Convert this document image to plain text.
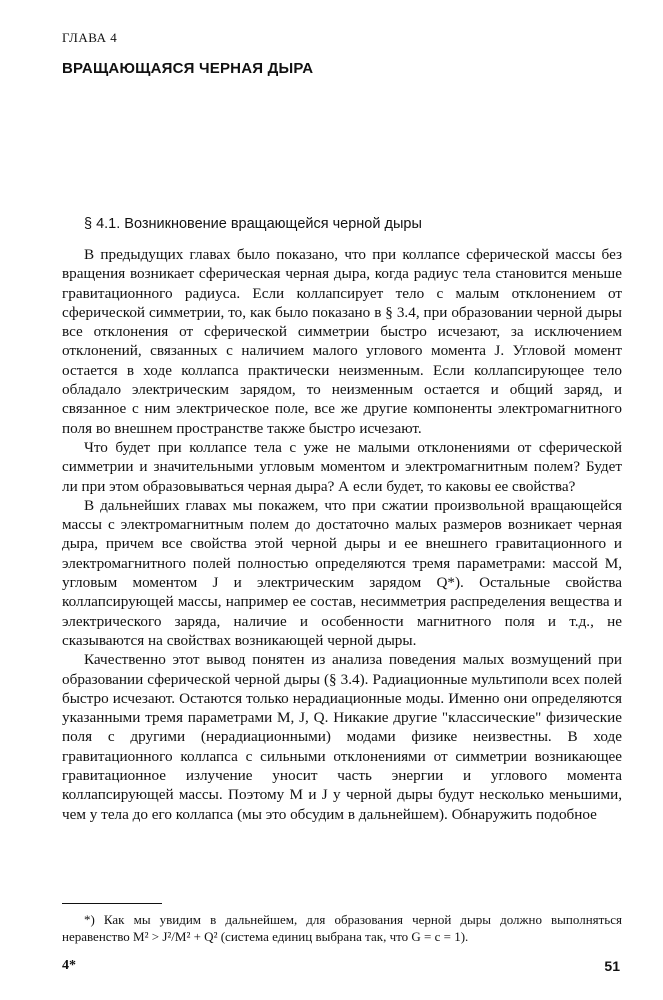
ГЛАВА 4
ВРАЩАЮЩАЯСЯ ЧЕРНАЯ ДЫРА
§ 4.1. Возникновение вращающейся черной дыры

В предыдущих главах было показано, что при коллапсе сферической массы без вращения возникает сферическая черная дыра, когда радиус тела становится меньше гравитационного радиуса. Если коллапсирует тело с малым отклонением от сферической симметрии, то, как было показано в § 3.4, при образовании черной дыры все отклонения от сферической симметрии быстро исчезают, за исключением отклонений, связанных с наличием малого углового момента J. Угловой момент остается в ходе коллапса практически неизменным. Если коллапсирующее тело обладало электрическим зарядом, то неизменным остается и общий заряд, и связанное с ним электрическое поле, все же другие компоненты электромагнитного поля во внешнем пространстве также быстро исчезают.

Что будет при коллапсе тела с уже не малыми отклонениями от сферической симметрии и значительными угловым моментом и электромагнитным полем? Будет ли при этом образовываться черная дыра? А если будет, то каковы ее свойства?

В дальнейших главах мы покажем, что при сжатии произвольной вращающейся массы с электромагнитным полем до достаточно малых размеров возникает черная дыра, причем все свойства этой черной дыры и ее внешнего гравитационного и электромагнитного полей полностью определяются тремя параметрами: массой M, угловым моментом J и электрическим зарядом Q*). Остальные свойства коллапсирующей массы, например ее состав, несимметрия распределения вещества и электрического заряда, наличие и особенности магнитного поля и т.д., не сказываются на свойствах возникающей черной дыры.

Качественно этот вывод понятен из анализа поведения малых возмущений при образовании сферической черной дыры (§ 3.4). Радиационные мультиполи всех полей быстро исчезают. Остаются только нерадиационные моды. Именно они определяются указанными тремя параметрами M, J, Q. Никакие другие "классические" физические поля с другими (нерадиационными) модами физике неизвестны. В ходе гравитационного коллапса с сильными отклонениями от симметрии возникающее гравитационное излучение уносит часть энергии и углового момента коллапсирующей массы. Поэтому M и J у черной дыры будут несколько меньшими, чем у тела до его коллапса (мы это обсудим в дальнейшем). Обнаружить подобное

*) Как мы увидим в дальнейшем, для образования черной дыры должно выполняться неравенство M² > J²/M² + Q² (система единиц выбрана так, что G = c = 1).
4*	51
